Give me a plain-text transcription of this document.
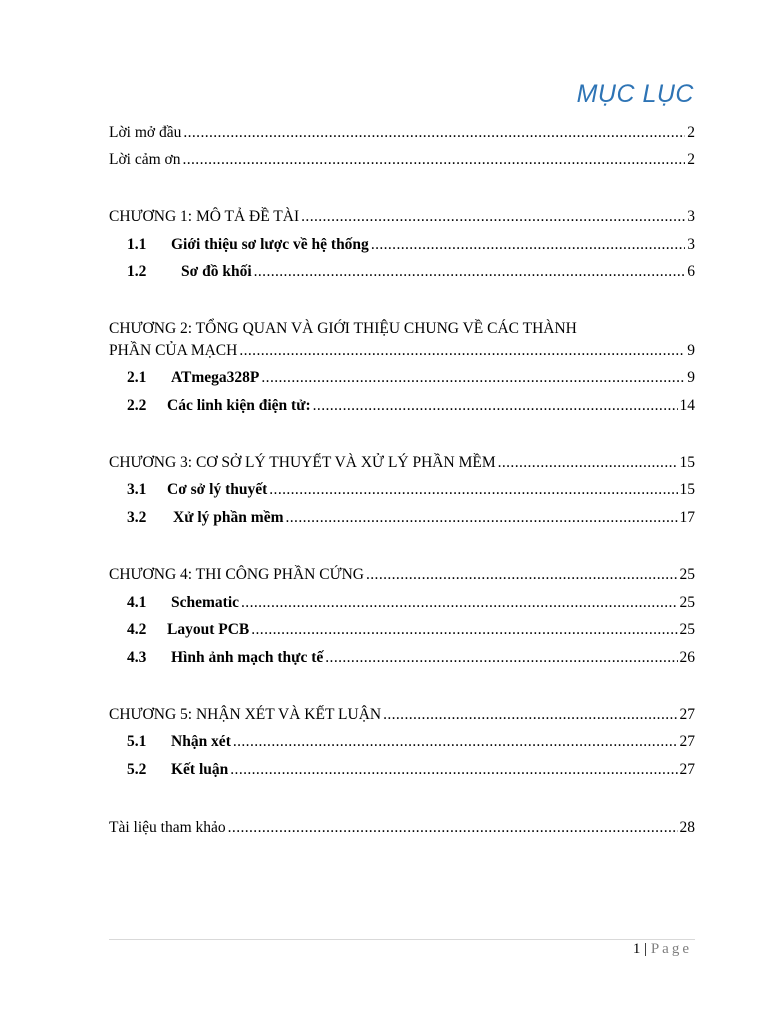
MỤC LỤC
Lời mở đầu .....	2
Lời cảm ơn .....	2
CHƯƠNG 1: MÔ TẢ ĐỀ TÀI .....	3
1.1 Giới thiệu sơ lược về hệ thống .....	3
1.2 Sơ đồ khối .....	6
CHƯƠNG 2: TỔNG QUAN VÀ GIỚI THIỆU CHUNG VỀ CÁC THÀNH
PHẦN CỦA MẠCH .....	9
2.1 ATmega328P .....	9
2.2 Các linh kiện điện tử: .....	14
CHƯƠNG 3: CƠ SỞ LÝ THUYẾT VÀ XỬ LÝ PHẦN MỀM .....	15
3.1 Cơ sở lý thuyết .....	15
3.2 Xử lý phần mềm .....	17
CHƯƠNG 4: THI CÔNG PHẦN CỨNG .....	25
4.1 Schematic .....	25
4.2 Layout PCB .....	25
4.3 Hình ảnh mạch thực tế .....	26
CHƯƠNG 5: NHẬN XÉT VÀ KẾT LUẬN .....	27
5.1 Nhận xét .....	27
5.2 Kết luận .....	27
Tài liệu tham khảo .....	28
1 | Page
